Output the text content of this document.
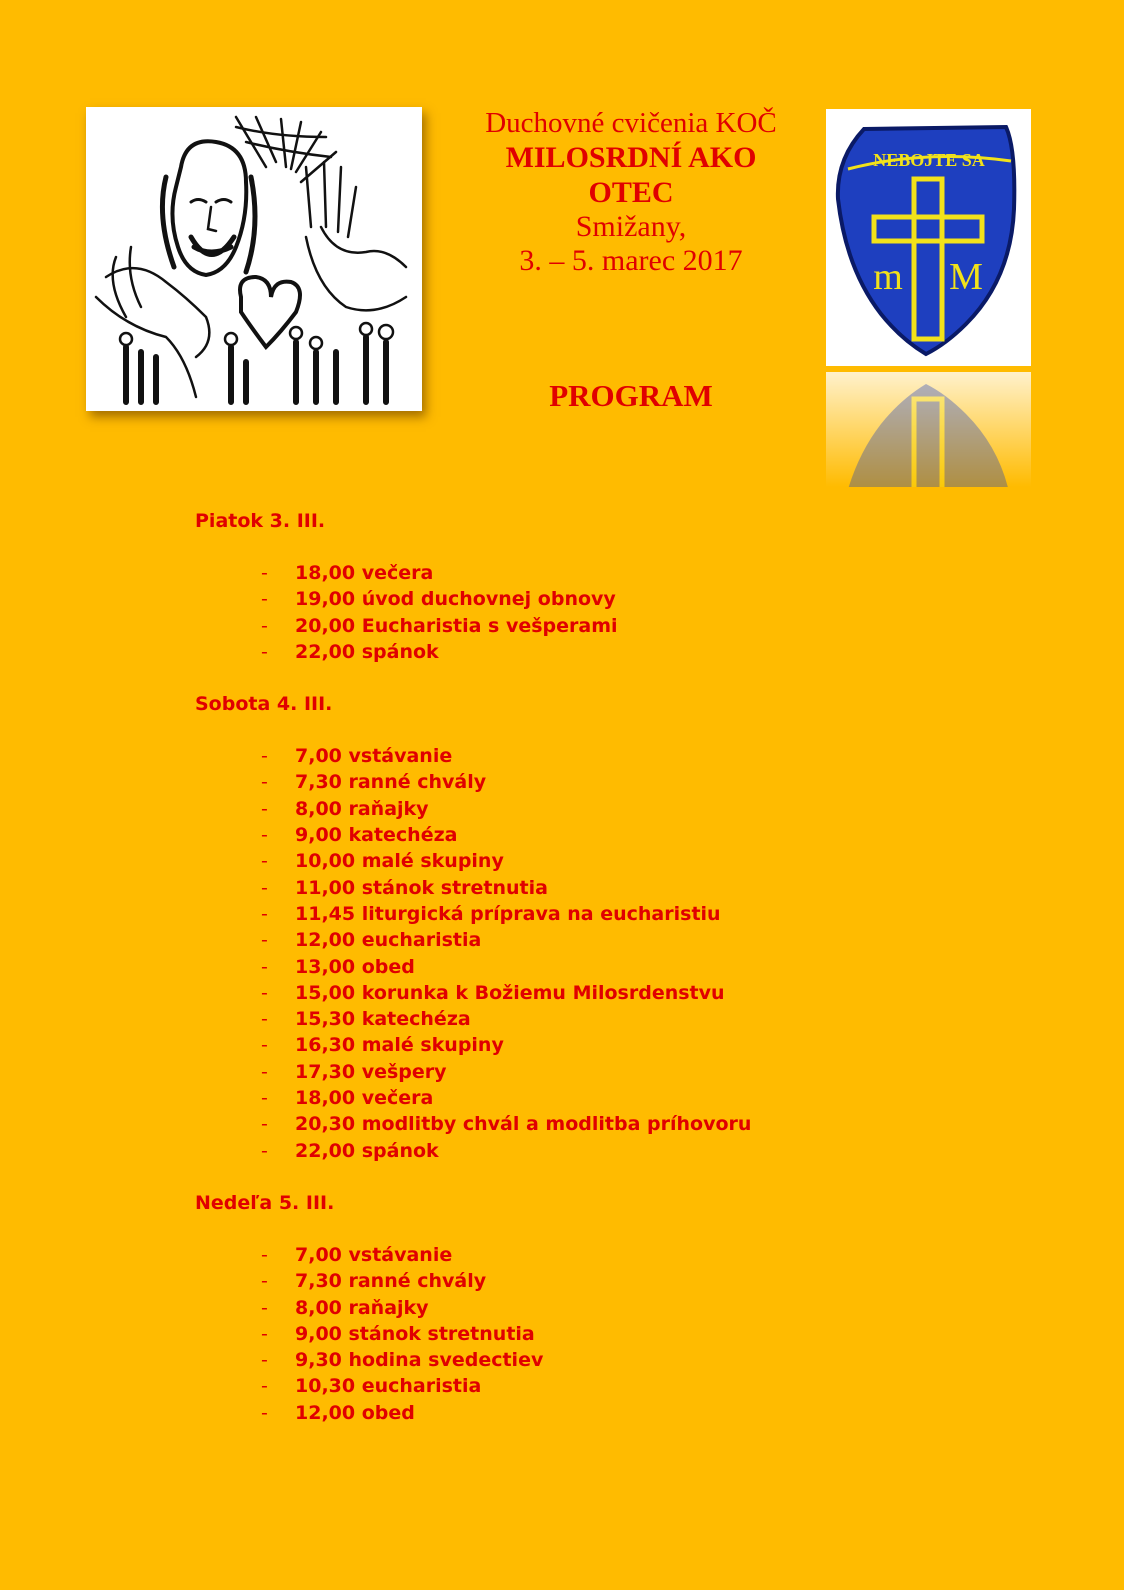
Duchovné cvičenia KOČ
MILOSRDNÍ AKO
OTEC
Smižany,
3. – 5. marec 2017
PROGRAM
NEBOJTE SA
m M
Piatok 3. III.
- 18,00 večera
- 19,00 úvod duchovnej obnovy
- 20,00 Eucharistia s vešperami
- 22,00 spánok
Sobota 4. III.
- 7,00 vstávanie
- 7,30 ranné chvály
- 8,00 raňajky
- 9,00 katechéza
- 10,00 malé skupiny
- 11,00 stánok stretnutia
- 11,45 liturgická príprava na eucharistiu
- 12,00 eucharistia
- 13,00 obed
- 15,00 korunka k Božiemu Milosrdenstvu
- 15,30 katechéza
- 16,30 malé skupiny
- 17,30 vešpery
- 18,00 večera
- 20,30 modlitby chvál a modlitba príhovoru
- 22,00 spánok
Nedeľa 5. III.
- 7,00 vstávanie
- 7,30 ranné chvály
- 8,00 raňajky
- 9,00 stánok stretnutia
- 9,30 hodina svedectiev
- 10,30 eucharistia
- 12,00 obed
